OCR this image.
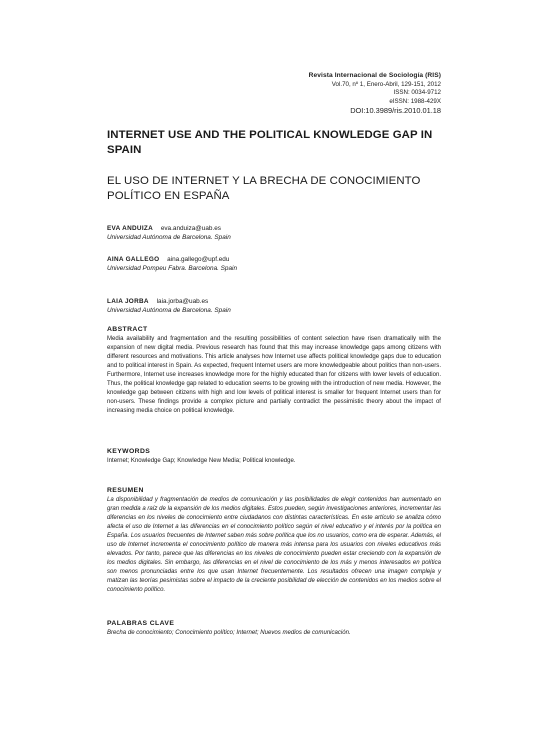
Revista Internacional de Sociología (RIS)
Vol.70, nº 1, Enero-Abril, 129-151, 2012
ISSN: 0034-9712
eISSN: 1988-429X
DOI:10.3989/ris.2010.01.18
INTERNET USE AND THE POLITICAL KNOWLEDGE GAP IN SPAIN
EL USO DE INTERNET Y LA BRECHA DE CONOCIMIENTO POLÍTICO EN ESPAÑA
EVA ANDUIZA eva.anduiza@uab.es
Universidad Autónoma de Barcelona. Spain
AINA GALLEGO aina.gallego@upf.edu
Universidad Pompeu Fabra. Barcelona. Spain
LAIA JORBA laia.jorba@uab.es
Universidad Autónoma de Barcelona. Spain
ABSTRACT

Media availability and fragmentation and the resulting possibilities of content selection have risen dramatically with the expansion of new digital media. Previous research has found that this may increase knowledge gaps among citizens with different resources and motivations. This article analyses how Internet use affects political knowledge gaps due to education and to political interest in Spain. As expected, frequent Internet users are more knowledgeable about politics than non-users. Furthermore, Internet use increases knowledge more for the highly educated than for citizens with lower levels of education. Thus, the political knowledge gap related to education seems to be growing with the introduction of new media. However, the knowledge gap between citizens with high and low levels of political interest is smaller for frequent Internet users than for non-users. These findings provide a complex picture and partially contradict the pessimistic theory about the impact of increasing media choice on political knowledge.

KEYWORDS

Internet; Knowledge Gap; Knowledge New Media; Political knowledge.

RESUMEN

La disponibilidad y fragmentación de medios de comunicación y las posibilidades de elegir contenidos han aumentado en gran medida a raíz de la expansión de los medios digitales. Estos pueden, según investigaciones anteriores, incrementar las diferencias en los niveles de conocimiento entre ciudadanos con distintas características. En este artículo se analiza cómo afecta el uso de Internet a las diferencias en el conocimiento político según el nivel educativo y el interés por la política en España. Los usuarios frecuentes de Internet saben más sobre política que los no usuarios, como era de esperar. Además, el uso de Internet incrementa el conocimiento político de manera más intensa para los usuarios con niveles educativos más elevados. Por tanto, parece que las diferencias en los niveles de conocimiento pueden estar creciendo con la expansión de los medios digitales. Sin embargo, las diferencias en el nivel de conocimiento de los más y menos interesados en política son menos pronunciadas entre los que usan Internet frecuentemente. Los resultados ofrecen una imagen compleja y matizan las teorías pesimistas sobre el impacto de la creciente posibilidad de elección de contenidos en los medios sobre el conocimiento político.

PALABRAS CLAVE

Brecha de conocimiento; Conocimiento político; Internet; Nuevos medios de comunicación.
